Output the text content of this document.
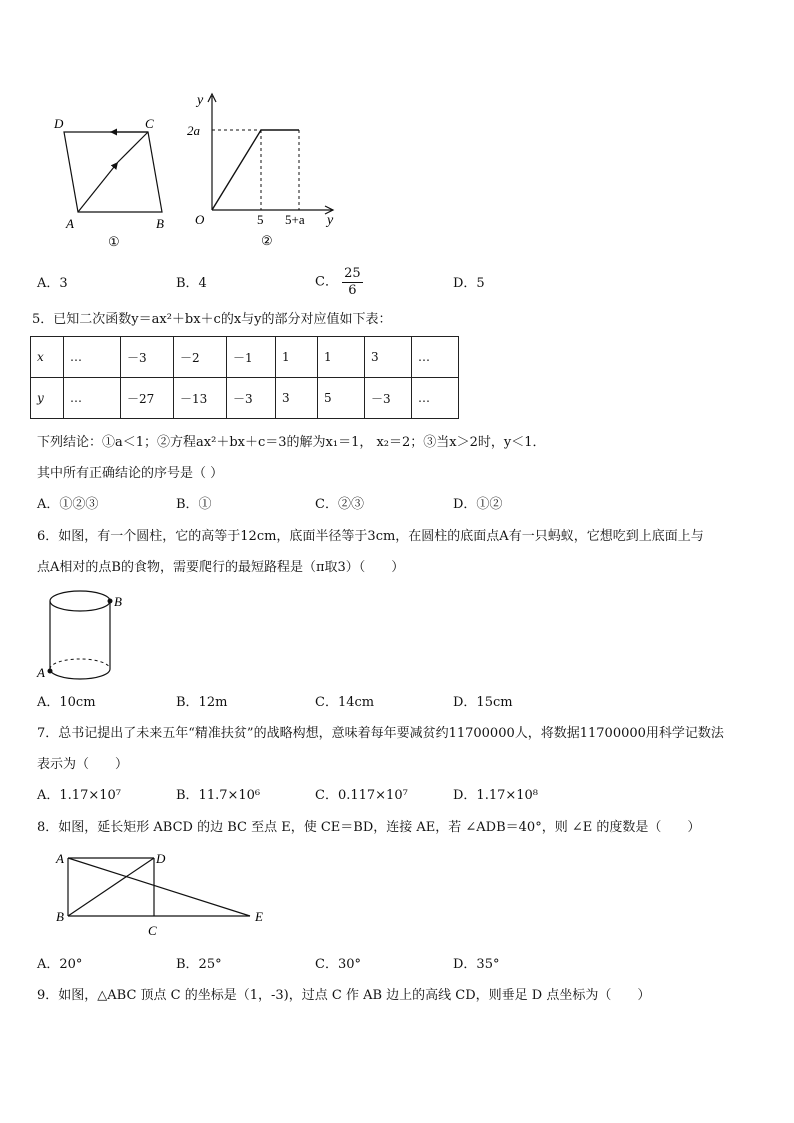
D	C
A	B
①
y
2a
O	5 5+a y
②
A．3	B．4	C． $\frac{25}{6}$	D．5
5．已知二次函数y＝ax²＋bx＋c的x与y的部分对应值如下表：
x	…	－3	－2	－1	1	1	3	…
y	…	－27	－13	－3	3	5	－3	…
下列结论：①a＜1；②方程ax²＋bx＋c＝3的解为x₁＝1， x₂＝2；③当x＞2时，y＜1．
其中所有正确结论的序号是（ ）
A．①②③	B．①	C．②③	D．①②
6．如图，有一个圆柱，它的高等于12cm，底面半径等于3cm，在圆柱的底面点A有一只蚂蚁，它想吃到上底面上与
点A相对的点B的食物，需要爬行的最短路程是（π取3）（　　）
B
A
A．10cm	B．12m	C．14cm	D．15cm
7．总书记提出了未来五年“精准扶贫”的战略构想，意味着每年要减贫约11700000人，将数据11700000用科学记数法
表示为（　　）
A．1.17×10⁷	B．11.7×10⁶	C．0.117×10⁷	D．1.17×10⁸
8．如图，延长矩形 ABCD 的边 BC 至点 E，使 CE＝BD，连接 AE，若 ∠ADB＝40°，则 ∠E 的度数是（　　）
A	D
B
C
E
A．20°	B．25°	C．30°	D．35°
9．如图，△ABC 顶点 C 的坐标是（1，-3)，过点 C 作 AB 边上的高线 CD，则垂足 D 点坐标为（　　）
